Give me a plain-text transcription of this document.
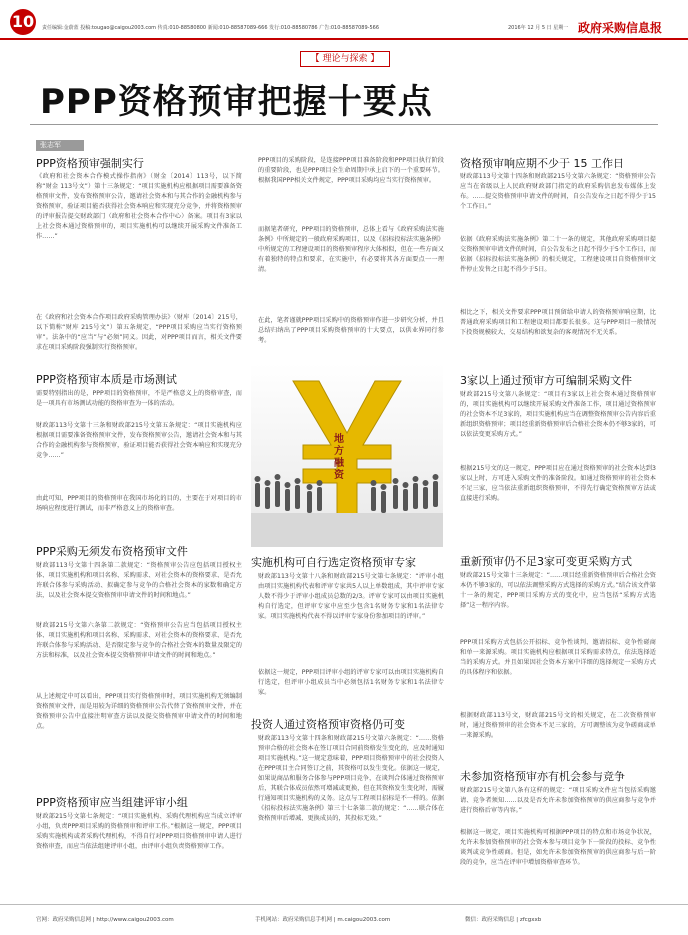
10	责任编辑:金蔚蓝 投稿:tougao@caigou2003.com 传真:010-88580800 新闻:010-88587089-666 发行:010-88580786 广告:010-88587089-566	2016年 12 月 5 日 星期一 政府采购信息报
【 理论与探索 】
PPP资格预审把握十要点
张志军
PPP资格预审强制实行
《政府和社会资本合作模式操作指南》（财金〔2014〕113号，以下简称“财金 113号文”）第十三条规定：“项目实施机构应根据项目需要准备资格预审文件，发布资格预审公告，邀请社会资本和与其合作的金融机构参与资格预审，验证项目能否获得社会资本响应和实现充分竞争，并将资格预审的评审报告提交财政部门（政府和社会资本合作中心）备案。项目有3家以上社会资本通过资格预审的，项目实施机构可以继续开展采购文件准备工作……”
在《政府和社会资本合作项目政府采购管理办法》（财库〔2014〕215号，以下简称“财库 215号文”）第五条规定，“PPP项目采购应当实行资格预审”。法条中的“应当”与“必须”同义。因此，对PPP项目而言，相关文件要求在项目采购阶段强制实行资格预审。
PPP资格预审本质是市场测试
需要特别指出的是，PPP项目的资格预审，不是严格意义上的资格审查，而是一项具有市场测试功能的资格审查为一体的活动。
财政部113号文第十三条和财政部215号文第五条规定：“项目实施机构应根据项目需要准备资格预审文件，发布资格预审公告，邀请社会资本和与其合作的金融机构参与资格预审，验证项目能否获得社会资本响应和实现充分竞争……”
由此可知，PPP项目的资格预审在我国市场化的目的，主要在于对项目的市场响应程度进行测试，而非严格意义上的资格审查。
PPP采购无须发布资格预审文件
财政部113号文第十四条第二款规定：“资格预审公告应包括项目授权主体、项目实施机构和项目名称、采购需求、对社会资本的资格要求、是否允许联合体参与采购活动、拟确定参与竞争的合格社会资本的家数和确定方法，以及社会资本提交资格预审申请文件的时间和地点。”
财政部215号文第六条第二款规定：“资格预审公告应当包括项目授权主体、项目实施机构和项目名称、采购需求、对社会资本的资格要求、是否允许联合体参与采购活动、是否限定参与竞争的合格社会资本的数量及限定的方法和标准，以及社会资本提交资格预审申请文件的时间和地点。”
从上述规定中可以看出，PPP项目实行资格预审时，项目实施机构无须编制资格预审文件，而是用较为详细的资格预审公告代替了资格预审文件，并在资格预审公告中直接注明审查方法以及提交资格预审申请文件的时间和地点。
PPP资格预审应当组建评审小组
财政部215号文第七条规定：“项目实施机构、采购代理机构应当成立评审小组，负责PPP项目采购的资格预审和评审工作。”根据这一规定，PPP项目采购实施机构或者采购代理机构，不得自行对PPP项目资格预审申请人进行资格审查，而应当依法组建评审小组，由评审小组负责资格预审工作。
PPP项目的采购阶段，是连接PPP项目准备阶段和PPP项目执行阶段的重要阶段，也是PPP项目全生命周期中承上启下的一个重要环节。根据我国PPP相关文件规定，PPP项目采购均应当实行资格预审。
而据笔者研究，PPP项目的资格预审，总体上看与《政府采购法实施条例》中所规定的一般政府采购项目，以及《招标投标法实施条例》中所规定的工程建设项目的资格预审程序大体相似，但在一些方面又有着独特的特点和要求，在实施中，有必要将其各方面要点一一理清。
在此，笔者谨就PPP项目采购中的资格预审作进一步研究分析，并且总结归纳出了PPP项目采购资格预审的十大要点，以供业界同行参考。
地方融资
实施机构可自行选定资格预审专家
财政部113号文第十八条和财政部215号文第七条规定：“评审小组由项目实施机构代表和评审专家共5人以上单数组成，其中评审专家人数不得少于评审小组成员总数的2/3。评审专家可以由项目实施机构自行选定，但评审专家中应至少包含1名财务专家和1名法律专家。项目实施机构代表不得以评审专家身份参加项目的评审。”
依据这一规定，PPP项目评审小组的评审专家可以由项目实施机构自行选定，但评审小组成员当中必须包括1名财务专家和1名法律专家。
投资人通过资格预审资格仍可变
财政部113号文第十四条和财政部215号文第六条规定：“……资格预审合格的社会资本在签订项目合同前资格发生变化的，应及时通知项目实施机构。”这一规定意味着，PPP项目资格预审中的社会投资人在PPP项目主合同签订之前，其资格可以发生变化。依据这一规定，如果说商品和服务合体参与PPP项目竞争，在谈判合体通过资格预审后，其联合体成员依然可增减或更换，但在其资格发生变化时，需履行通知项目实施机构的义务。这点与工程项目招标是不一样的。依据《招标投标法实施条例》第三十七条第二款的规定：“……联合体在资格预审后增减、更换成员的，其投标无效。”
资格预审响应期不少于 15 工作日
财政部113号文第十四条和财政部215号文第六条规定：“资格预审公告应当在省级以上人民政府财政部门指定的政府采购信息发布媒体上发布。……提交资格预审申请文件的时间，自公告发布之日起不得少于15个工作日。”
依据《政府采购法实施条例》第二十一条的规定，其他政府采购项目提交资格预审申请文件的时间，自公告发布之日起不得少于5个工作日，而依据《招标投标法实施条例》的相关规定，工程建设项目自资格预审文件停止发售之日起不得少于5日。
相比之下，相关文件要求PPP项目预留给申请人的资格预审响应期，比普通政府采购项目和工程建设项目都要长很多。这与PPP项目一般情况下投资规模较大、交易结构和欲复杂的客观情况不无关系。
3家以上通过预审方可编制采购文件
财政部215号文第八条规定：“项目有3家以上社会资本通过资格预审的，项目实施机构可以继续开展采购文件准备工作，项目通过资格预审的社会资本不足3家的，项目实施机构应当在调整资格预审公告内容后重新组织资格预审；项目经重新资格预审后合格社会资本仍不够3家的，可以依法变更采购方式。”
根据215号文的这一规定，PPP项目应在通过资格预审的社会资本达到3家以上时，方可进入采购文件的准备阶段。如通过资格预审的社会资本不足三家，应当依法重新组织资格预审，不得先行确定资格预审方法或直接进行采购。
重新预审仍不足3家可变更采购方式
财政部215号文第十三条规定：“……项目经重新资格预审后合格社会资本仍不够3家的，可以依法调整采购方式选择的采购方式。”结合该文件第十一条的规定，PPP项目采购方式的变化中，应当包括“采购方式选择”这一程序内容。
PPP项目采购方式包括公开招标、竞争性谈判、邀请招标、竞争性磋商和单一来源采购。项目实施机构应根据项目采购需求特点，依法选择适当的采购方式。并且如果因社会资本方案中详细的选择规定一采购方式的具体程序和依据。
根据财政部113号文，财政部215号文的相关规定，在二次资格预审时，通过资格预审的社会资本不足三家的，方可调整该为竞争磋商或单一来源采购。
未参加资格预审亦有机会参与竞争
财政部215号文第八条有这样的规定：“项目采购文件应当包括采购邀请、竞争者须知……以及是否允许未参加资格预审的供应商参与竞争并进行资格后审等内容。”
根据这一规定，项目实施机构可根据PPP项目的特点和市场竞争状况，允许未参加资格预审的社会资本参与项目竞争下一阶段的投标、竞争性谈判或竞争性磋商。但是，如允许未参加资格预审的供应商参与后一阶段的竞争，应当在评审中增加资格审查环节。
官网：政府采购信息网 | http://www.caigou2003.com	手机网站：政府采购信息手机网 | m.caigou2003.com	微信：政府采购信息 | zfcgxxb
